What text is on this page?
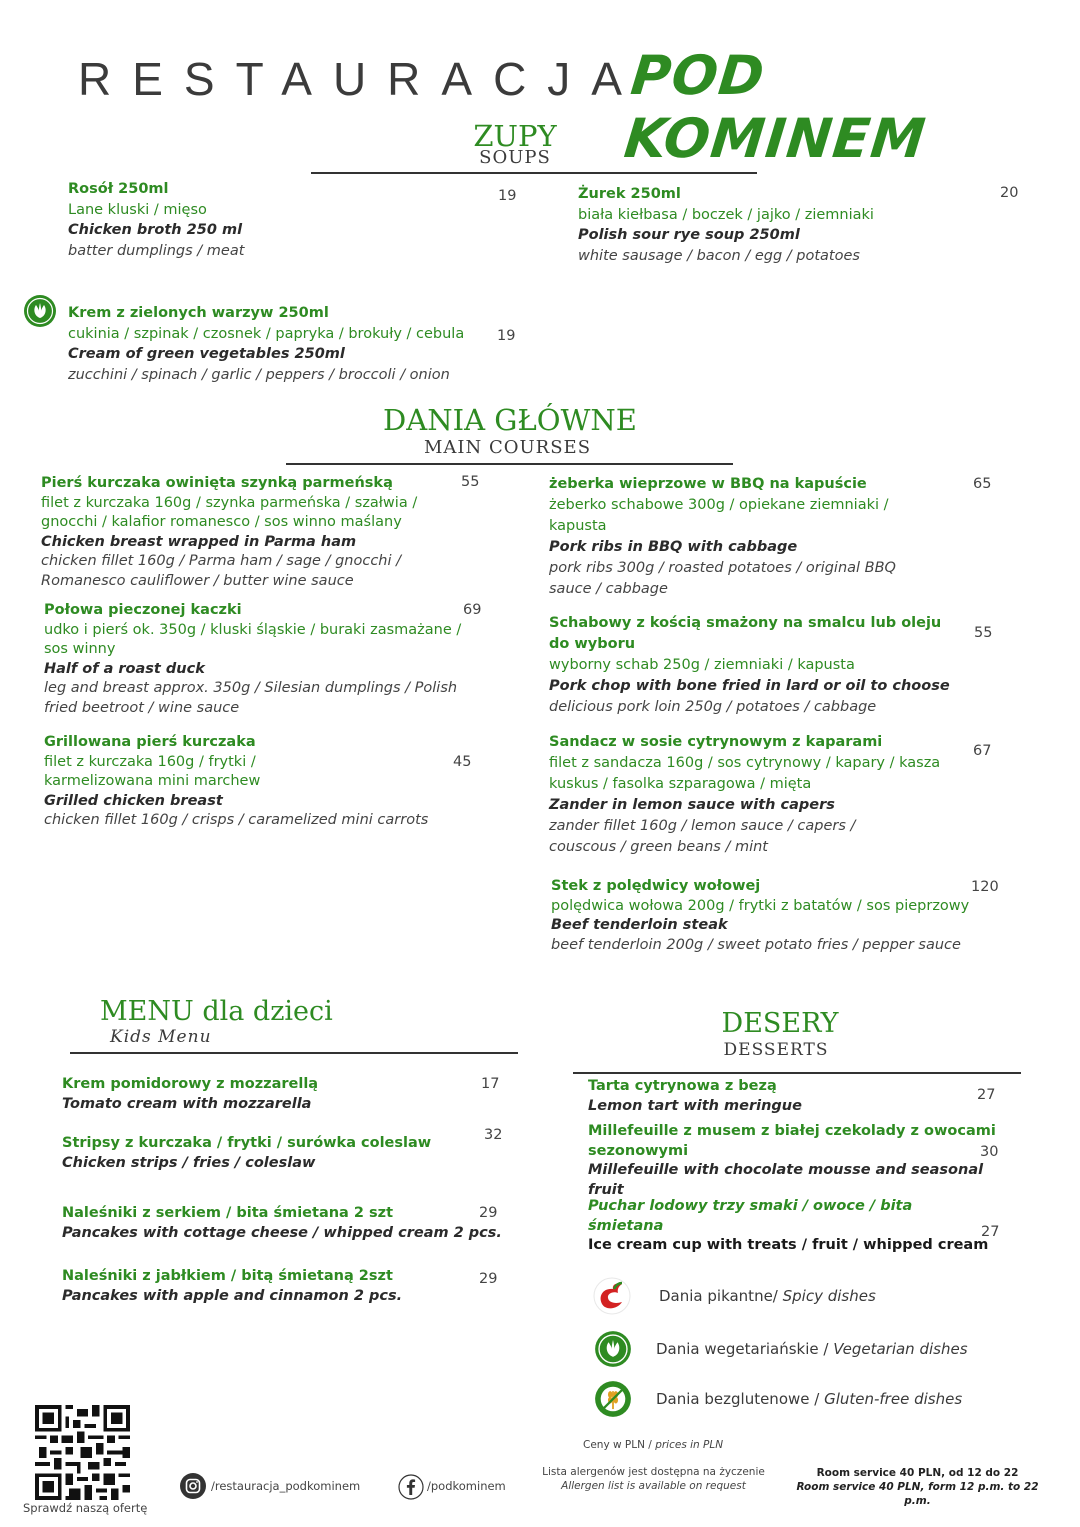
RESTAURACJA
POD KOMINEM
ZUPY
SOUPS
Rosół 250ml
Lane kluski / mięso
Chicken broth 250 ml
batter dumplings / meat
19	Żurek 250ml
biała kiełbasa / boczek / jajko / ziemniaki
Polish sour rye soup 250ml
white sausage / bacon / egg / potatoes
20
Krem z zielonych warzyw 250ml
cukinia / szpinak / czosnek / papryka / brokuły / cebula
Cream of green vegetables 250ml
zucchini / spinach / garlic / peppers / broccoli / onion
19
DANIA GŁÓWNE
MAIN COURSES
Pierś kurczaka owinięta szynką parmeńską
filet z kurczaka 160g / szynka parmeńska / szałwia /
gnocchi / kalafior romanesco / sos winno maślany
Chicken breast wrapped in Parma ham
chicken fillet 160g / Parma ham / sage / gnocchi /
Romanesco cauliflower / butter wine sauce
55
Połowa pieczonej kaczki
udko i pierś ok. 350g / kluski śląskie / buraki zasmażane /
sos winny
Half of a roast duck
leg and breast approx. 350g / Silesian dumplings / Polish
fried beetroot / wine sauce
69
Grillowana pierś kurczaka
filet z kurczaka 160g / frytki /
karmelizowana mini marchew
Grilled chicken breast
chicken fillet 160g / crisps / caramelized mini carrots
45
żeberka wieprzowe w BBQ na kapuście
żeberko schabowe 300g / opiekane ziemniaki /
kapusta
Pork ribs in BBQ with cabbage
pork ribs 300g / roasted potatoes / original BBQ
sauce / cabbage
65
Schabowy z kością smażony na smalcu lub oleju
do wyboru
wyborny schab 250g / ziemniaki / kapusta
Pork chop with bone fried in lard or oil to choose
delicious pork loin 250g / potatoes / cabbage
55
Sandacz w sosie cytrynowym z kaparami
filet z sandacza 160g / sos cytrynowy / kapary / kasza
kuskus / fasolka szparagowa / mięta
Zander in lemon sauce with capers
zander fillet 160g / lemon sauce / capers /
couscous / green beans / mint
67
Stek z polędwicy wołowej
polędwica wołowa 200g / frytki z batatów / sos pieprzowy
Beef tenderloin steak
beef tenderloin 200g / sweet potato fries / pepper sauce
120
MENU dla dzieci
Kids Menu
Krem pomidorowy z mozzarellą
Tomato cream with mozzarella
17
Stripsy z kurczaka / frytki / surówka coleslaw
Chicken strips / fries / coleslaw
32
Naleśniki z serkiem / bita śmietana 2 szt
Pancakes with cottage cheese / whipped cream 2 pcs.
29
Naleśniki z jabłkiem / bitą śmietaną 2szt
Pancakes with apple and cinnamon 2 pcs.
29
DESERY
DESSERTS
Tarta cytrynowa z bezą
Lemon tart with meringue
27
Millefeuille z musem z białej czekolady z owocami
sezonowymi
Millefeuille with chocolate mousse and seasonal
fruit
30
Puchar lodowy trzy smaki / owoce / bita
śmietana
Ice cream cup with treats / fruit / whipped cream
27
Dania pikantne/ Spicy dishes
Dania wegetariańskie / Vegetarian dishes
Dania bezglutenowe / Gluten-free dishes
Sprawdź naszą ofertę
/restauracja_podkominem	/podkominem
Ceny w PLN / prices in PLN
Lista alergenów jest dostępna na życzenie
Allergen list is available on request
Room service 40 PLN, od 12 do 22
Room service 40 PLN, form 12 p.m. to 22 p.m.
